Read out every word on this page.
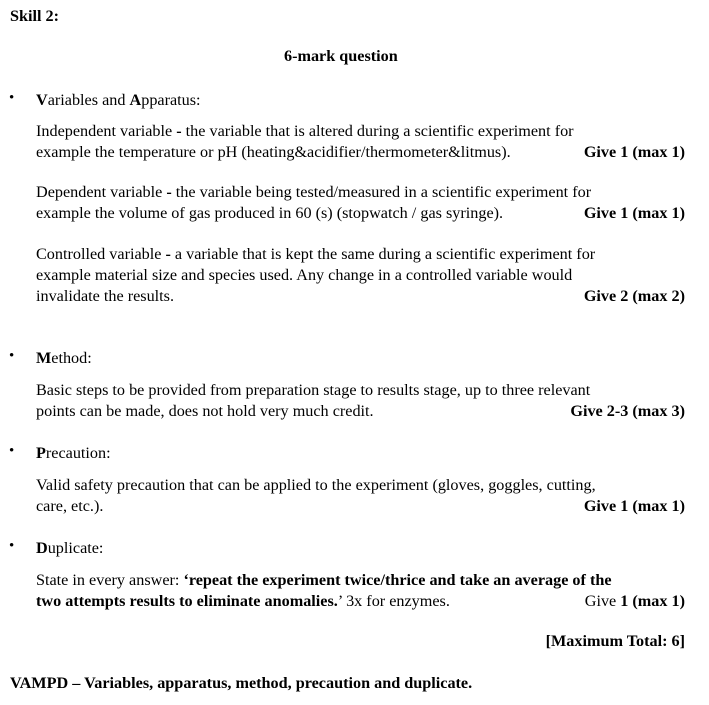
Skill 2:
6-mark question
• Variables and Apparatus:
Independent variable - the variable that is altered during a scientific experiment for
example the temperature or pH (heating&acidifier/thermometer&litmus).	Give 1 (max 1)
Dependent variable - the variable being tested/measured in a scientific experiment for
example the volume of gas produced in 60 (s) (stopwatch / gas syringe).	Give 1 (max 1)
Controlled variable - a variable that is kept the same during a scientific experiment for
example material size and species used. Any change in a controlled variable would
invalidate the results.	Give 2 (max 2)
• Method:
Basic steps to be provided from preparation stage to results stage, up to three relevant
points can be made, does not hold very much credit.	Give 2-3 (max 3)
• Precaution:
Valid safety precaution that can be applied to the experiment (gloves, goggles, cutting,
care, etc.).	Give 1 (max 1)
• Duplicate:
State in every answer: ‘repeat the experiment twice/thrice and take an average of the
two attempts results to eliminate anomalies.’ 3x for enzymes.	Give 1 (max 1)
[Maximum Total: 6]
VAMPD – Variables, apparatus, method, precaution and duplicate.
